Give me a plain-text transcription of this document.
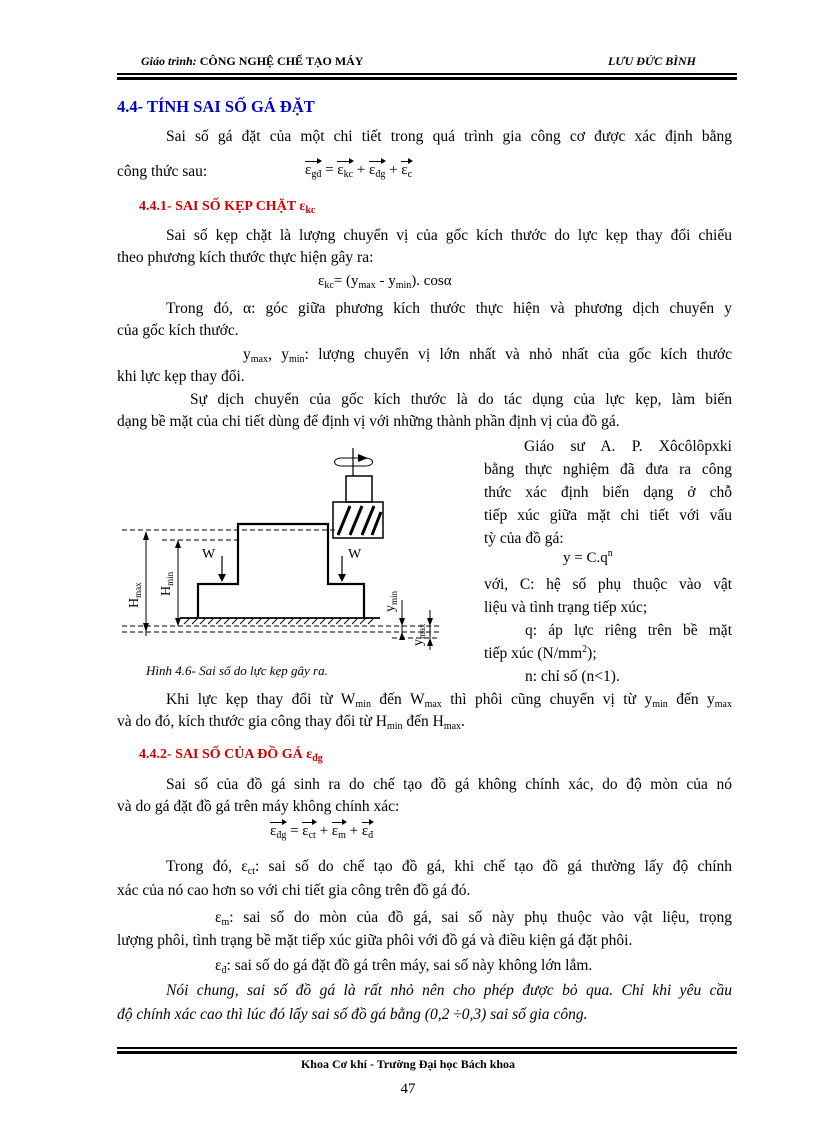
Giáo trình: CÔNG NGHỆ CHẾ TẠO MÁY	LƯU ĐỨC BÌNH
4.4- TÍNH SAI SỐ GÁ ĐẶT
Sai số gá đặt của một chi tiết trong quá trình gia công cơ được xác định bằng
công thức sau:	$\varepsilon_{gđ} = \varepsilon_{kc} + \varepsilon_{đg} + \varepsilon_c$
4.4.1- SAI SỐ KẸP CHẶT $\varepsilon_{kc}$
Sai số kẹp chặt là lượng chuyển vị của gốc kích thước do lực kẹp thay đổi chiếu
theo phương kích thước thực hiện gây ra:
$\varepsilon_{kc}= (y_{max} - y_{min})$. cosα
Trong đó, α: góc giữa phương kích thước thực hiện và phương dịch chuyển y
của gốc kích thước.
$y_{max}$, $y_{min}$: lượng chuyển vị lớn nhất và nhỏ nhất của gốc kích thước
khi lực kẹp thay đổi.
Sự dịch chuyển của gốc kích thước là do tác dụng của lực kẹp, làm biến
dạng bề mặt của chi tiết dùng để định vị với những thành phần định vị của đồ gá.
Giáo sư A. P. Xôcôlôpxki
bằng thực nghiệm đã đưa ra công
thức xác định biến dạng ở chỗ
tiếp xúc giữa mặt chi tiết với vấu
tỳ của đồ gá:
$y = C.q^n$
với, C: hệ số phụ thuộc vào vật
liệu và tình trạng tiếp xúc;
q: áp lực riêng trên bề mặt
tiếp xúc $(N/mm^2)$;
n: chỉ số (n<1).
W	W
$H_{max}$ $H_{min}$
$y_{min}$
$y_{max}$
Hình 4.6- Sai số do lực kẹp gây ra.
Khi lực kẹp thay đổi từ $W_{min}$ đến $W_{max}$ thì phôi cũng chuyển vị từ $y_{min}$ đến $y_{max}$
và do đó, kích thước gia công thay đổi từ $H_{min}$ đến $H_{max}$.
4.4.2- SAI SỐ CỦA ĐỒ GÁ $\varepsilon_{đg}$
Sai số của đồ gá sinh ra do chế tạo đồ gá không chính xác, do độ mòn của nó
và do gá đặt đồ gá trên máy không chính xác:
$\varepsilon_{đg} = \varepsilon_{ct} + \varepsilon_m + \varepsilon_đ$
Trong đó, $\varepsilon_{ct}$: sai số do chế tạo đồ gá, khi chế tạo đồ gá thường lấy độ chính
xác của nó cao hơn so với chi tiết gia công trên đồ gá đó.
$\varepsilon_m$: sai số do mòn của đồ gá, sai số này phụ thuộc vào vật liệu, trọng
lượng phôi, tình trạng bề mặt tiếp xúc giữa phôi với đồ gá và điều kiện gá đặt phôi.
$\varepsilon_đ$: sai số do gá đặt đồ gá trên máy, sai số này không lớn lắm.
Nói chung, sai số đồ gá là rất nhỏ nên cho phép được bỏ qua. Chỉ khi yêu cầu
độ chính xác cao thì lúc đó lấy sai số đồ gá bằng (0,2 ÷0,3) sai số gia công.
Khoa Cơ khí - Trường Đại học Bách khoa
47
